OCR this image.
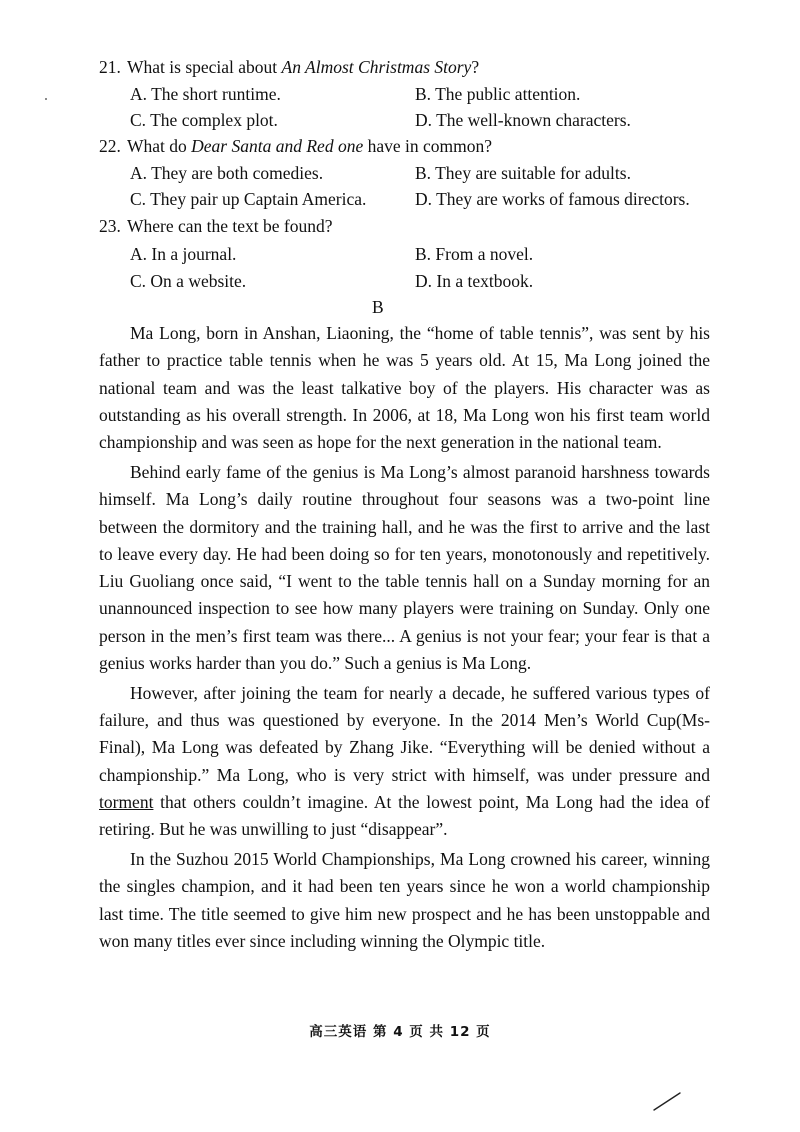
21. What is special about An Almost Christmas Story?
A. The short runtime.	B. The public attention.
C. The complex plot.	D. The well-known characters.
22. What do Dear Santa and Red one have in common?
A. They are both comedies.	B. They are suitable for adults.
C. They pair up Captain America.	D. They are works of famous directors.
23. Where can the text be found?
A. In a journal.	B. From a novel.
C. On a website.	D. In a textbook.
B

Ma Long, born in Anshan, Liaoning, the “home of table tennis”, was sent by his father to practice table tennis when he was 5 years old. At 15, Ma Long joined the national team and was the least talkative boy of the players. His character was as outstanding as his overall strength. In 2006, at 18, Ma Long won his first team world championship and was seen as hope for the next generation in the national team.

Behind early fame of the genius is Ma Long’s almost paranoid harshness towards himself. Ma Long’s daily routine throughout four seasons was a two-point line between the dormitory and the training hall, and he was the first to arrive and the last to leave every day. He had been doing so for ten years, monotonously and repetitively. Liu Guoliang once said, “I went to the table tennis hall on a Sunday morning for an unannounced inspection to see how many players were training on Sunday. Only one person in the men’s first team was there... A genius is not your fear; your fear is that a genius works harder than you do.” Such a genius is Ma Long.

However, after joining the team for nearly a decade, he suffered various types of failure, and thus was questioned by everyone. In the 2014 Men’s World Cup(Ms-Final), Ma Long was defeated by Zhang Jike. “Everything will be denied without a championship.” Ma Long, who is very strict with himself, was under pressure and torment that others couldn’t imagine. At the lowest point, Ma Long had the idea of retiring. But he was unwilling to just “disappear”.

In the Suzhou 2015 World Championships, Ma Long crowned his career, winning the singles champion, and it had been ten years since he won a world championship last time. The title seemed to give him new prospect and he has been unstoppable and won many titles ever since including winning the Olympic title.

高三英语 第 4 页 共 12 页
